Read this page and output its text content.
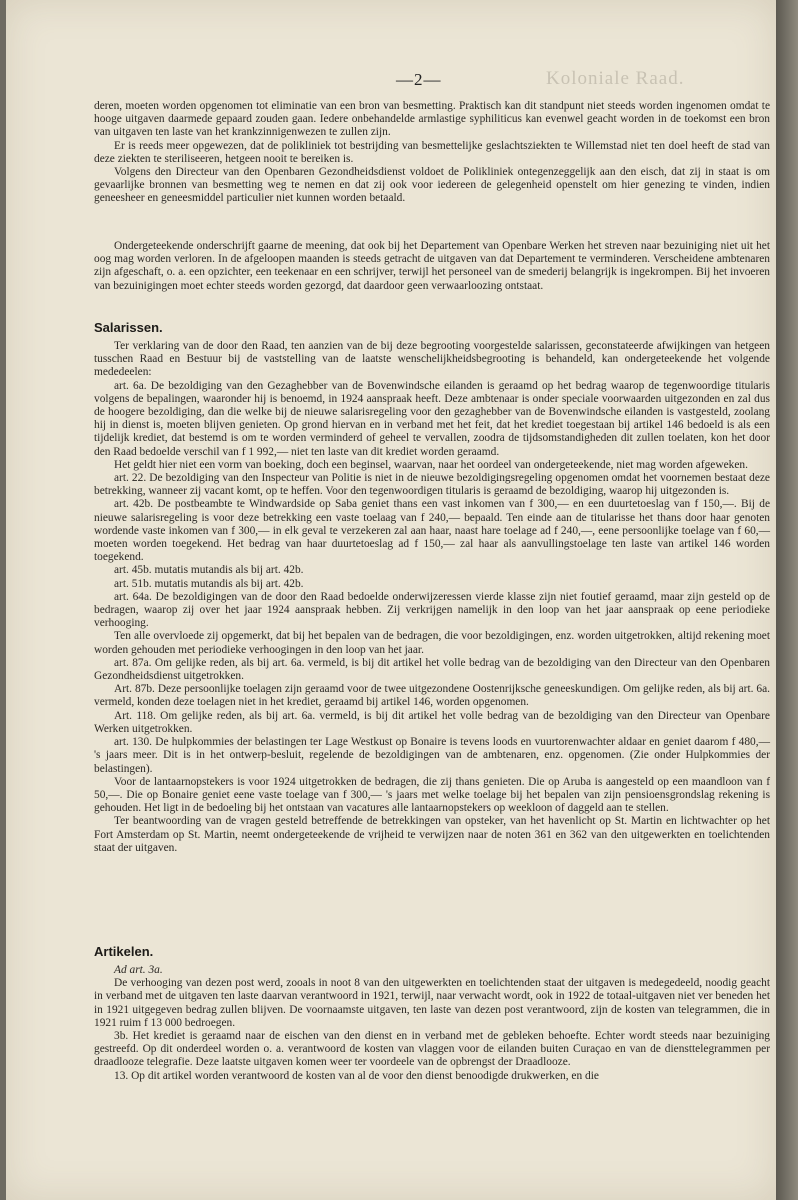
—2—	Koloniale Raad.

deren, moeten worden opgenomen tot eliminatie van een bron van besmetting. Praktisch kan dit standpunt niet steeds worden ingenomen omdat te hooge uitgaven daarmede gepaard zouden gaan. Iedere onbehandelde armlastige syphiliticus kan evenwel geacht worden in de toekomst een bron van uitgaven ten laste van het krankzinnigenwezen te zullen zijn.

Er is reeds meer opgewezen, dat de polikliniek tot bestrijding van besmettelijke geslachtsziekten te Willemstad niet ten doel heeft de stad van deze ziekten te steriliseeren, hetgeen nooit te bereiken is.

Volgens den Directeur van den Openbaren Gezondheidsdienst voldoet de Polikliniek ontegenzeggelijk aan den eisch, dat zij in staat is om gevaarlijke bronnen van besmetting weg te nemen en dat zij ook voor iedereen de gelegenheid openstelt om hier genezing te vinden, indien geneesheer en geneesmiddel particulier niet kunnen worden betaald.

Ondergeteekende onderschrijft gaarne de meening, dat ook bij het Departement van Openbare Werken het streven naar bezuiniging niet uit het oog mag worden verloren. In de afgeloopen maanden is steeds getracht de uitgaven van dat Departement te verminderen. Verscheidene ambtenaren zijn afgeschaft, o. a. een opzichter, een teekenaar en een schrijver, terwijl het personeel van de smederij belangrijk is ingekrompen. Bij het invoeren van bezuinigingen moet echter steeds worden gezorgd, dat daardoor geen verwaarloozing ontstaat.

Salarissen.

Ter verklaring van de door den Raad, ten aanzien van de bij deze begrooting voorgestelde salarissen, geconstateerde afwijkingen van hetgeen tusschen Raad en Bestuur bij de vaststelling van de laatste wenschelijkheidsbegrooting is behandeld, kan ondergeteekende het volgende mededeelen:

art. 6a. De bezoldiging van den Gezaghebber van de Bovenwindsche eilanden is geraamd op het bedrag waarop de tegenwoordige titularis volgens de bepalingen, waaronder hij is benoemd, in 1924 aanspraak heeft. Deze ambtenaar is onder speciale voorwaarden uitgezonden en zal dus de hoogere bezoldiging, dan die welke bij de nieuwe salarisregeling voor den gezaghebber van de Bovenwindsche eilanden is vastgesteld, zoolang hij in dienst is, moeten blijven genieten. Op grond hiervan en in verband met het feit, dat het krediet toegestaan bij artikel 146 bedoeld is als een tijdelijk krediet, dat bestemd is om te worden verminderd of geheel te vervallen, zoodra de tijdsomstandigheden dit zullen toelaten, kon het door den Raad bedoelde verschil van f 1 992,— niet ten laste van dit krediet worden geraamd.

Het geldt hier niet een vorm van boeking, doch een beginsel, waarvan, naar het oordeel van ondergeteekende, niet mag worden afgeweken.

art. 22. De bezoldiging van den Inspecteur van Politie is niet in de nieuwe bezoldigingsregeling opgenomen omdat het voornemen bestaat deze betrekking, wanneer zij vacant komt, op te heffen. Voor den tegenwoordigen titularis is geraamd de bezoldiging, waarop hij uitgezonden is.

art. 42b. De postbeambte te Windwardside op Saba geniet thans een vast inkomen van f 300,— en een duurtetoeslag van f 150,—. Bij de nieuwe salarisregeling is voor deze betrekking een vaste toelaag van f 240,— bepaald. Ten einde aan de titularisse het thans door haar genoten wordende vaste inkomen van f 300,— in elk geval te verzekeren zal aan haar, naast hare toelage ad f 240,—, eene persoonlijke toelage van f 60,— moeten worden toegekend. Het bedrag van haar duurtetoeslag ad f 150,— zal haar als aanvullingstoelage ten laste van artikel 146 worden toegekend.

art. 45b. mutatis mutandis als bij art. 42b.

art. 51b. mutatis mutandis als bij art. 42b.

art. 64a. De bezoldigingen van de door den Raad bedoelde onderwijzeressen vierde klasse zijn niet foutief geraamd, maar zijn gesteld op de bedragen, waarop zij over het jaar 1924 aanspraak hebben. Zij verkrijgen namelijk in den loop van het jaar aanspraak op eene periodieke verhooging.

Ten alle overvloede zij opgemerkt, dat bij het bepalen van de bedragen, die voor bezoldigingen, enz. worden uitgetrokken, altijd rekening moet worden gehouden met periodieke verhoogingen in den loop van het jaar.

art. 87a. Om gelijke reden, als bij art. 6a. vermeld, is bij dit artikel het volle bedrag van de bezoldiging van den Directeur van den Openbaren Gezondheidsdienst uitgetrokken.

Art. 87b. Deze persoonlijke toelagen zijn geraamd voor de twee uitgezondene Oostenrijksche geneeskundigen. Om gelijke reden, als bij art. 6a. vermeld, konden deze toelagen niet in het krediet, geraamd bij artikel 146, worden opgenomen.

Art. 118. Om gelijke reden, als bij art. 6a. vermeld, is bij dit artikel het volle bedrag van de bezoldiging van den Directeur van Openbare Werken uitgetrokken.

art. 130. De hulpkommies der belastingen ter Lage Westkust op Bonaire is tevens loods en vuurtorenwachter aldaar en geniet daarom f 480,— 's jaars meer. Dit is in het ontwerp-besluit, regelende de bezoldigingen van de ambtenaren, enz. opgenomen. (Zie onder Hulpkommies der belastingen).

Voor de lantaarnopstekers is voor 1924 uitgetrokken de bedragen, die zij thans genieten. Die op Aruba is aangesteld op een maandloon van f 50,—. Die op Bonaire geniet eene vaste toelage van f 300,— 's jaars met welke toelage bij het bepalen van zijn pensioensgrondslag rekening is gehouden. Het ligt in de bedoeling bij het ontstaan van vacatures alle lantaarnopstekers op weekloon of daggeld aan te stellen.

Ter beantwoording van de vragen gesteld betreffende de betrekkingen van opsteker, van het havenlicht op St. Martin en lichtwachter op het Fort Amsterdam op St. Martin, neemt ondergeteekende de vrijheid te verwijzen naar de noten 361 en 362 van den uitgewerkten en toelichtenden staat der uitgaven.

Artikelen.

Ad art. 3a.

De verhooging van dezen post werd, zooals in noot 8 van den uitgewerkten en toelichtenden staat der uitgaven is medegedeeld, noodig geacht in verband met de uitgaven ten laste daarvan verantwoord in 1921, terwijl, naar verwacht wordt, ook in 1922 de totaal-uitgaven niet ver beneden het in 1921 uitgegeven bedrag zullen blijven. De voornaamste uitgaven, ten laste van dezen post verantwoord, zijn de kosten van telegrammen, die in 1921 ruim f 13 000 bedroegen.

3b. Het krediet is geraamd naar de eischen van den dienst en in verband met de gebleken behoefte. Echter wordt steeds naar bezuiniging gestreefd. Op dit onderdeel worden o. a. verantwoord de kosten van vlaggen voor de eilanden buiten Curaçao en van de diensttelegrammen per draadlooze telegrafie. Deze laatste uitgaven komen weer ter voordeele van de opbrengst der Draadlooze.

13. Op dit artikel worden verantwoord de kosten van al de voor den dienst benoodigde drukwerken, en die
